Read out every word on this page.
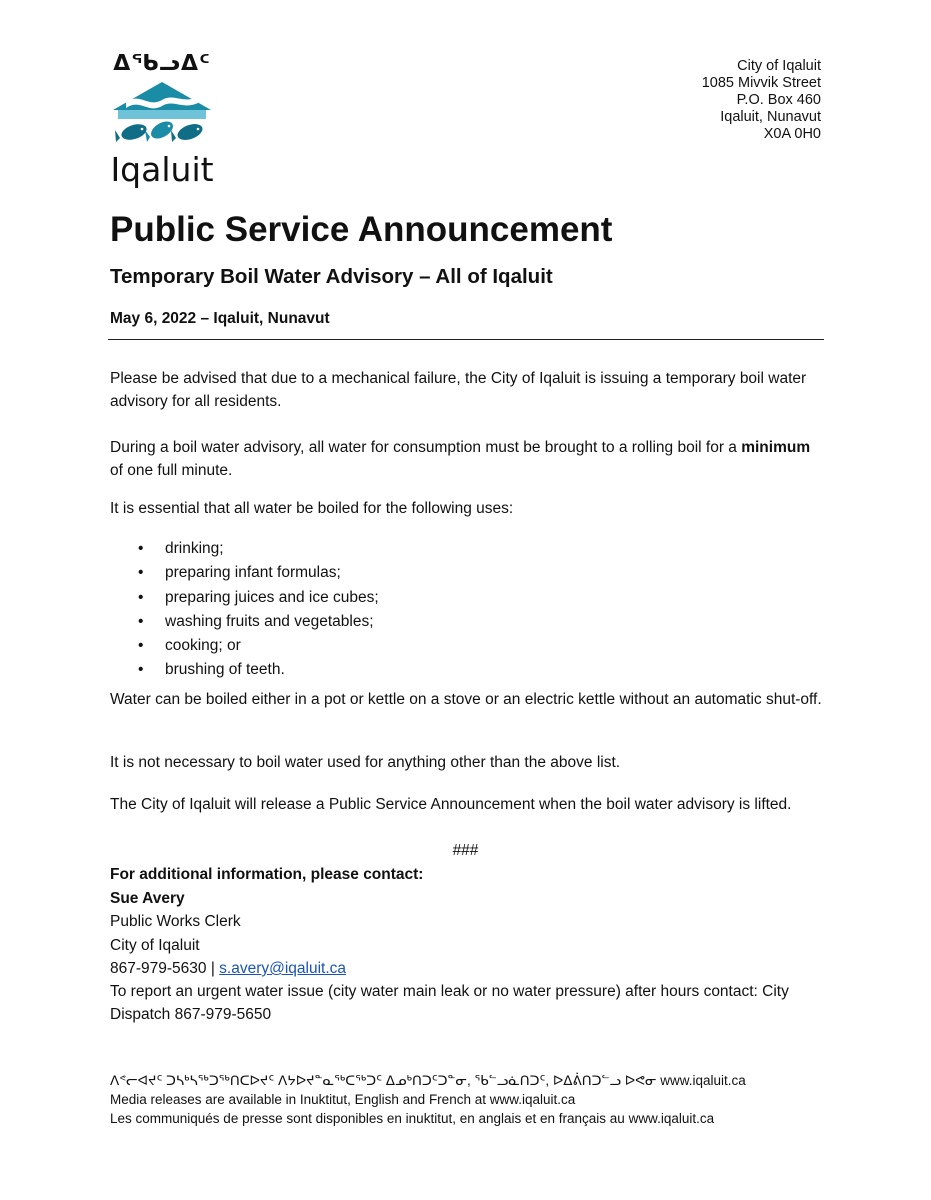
ᐃᖃᓗᐃᑦ
Iqaluit
City of Iqaluit
1085 Mivvik Street
P.O. Box 460
Iqaluit, Nunavut
X0A 0H0
Public Service Announcement
Temporary Boil Water Advisory – All of Iqaluit
May 6, 2022 – Iqaluit, Nunavut
Please be advised that due to a mechanical failure, the City of Iqaluit is issuing a temporary boil water advisory for all residents.
During a boil water advisory, all water for consumption must be brought to a rolling boil for a minimum of one full minute.
It is essential that all water be boiled for the following uses:
• drinking;
• preparing infant formulas;
• preparing juices and ice cubes;
• washing fruits and vegetables;
• cooking; or
• brushing of teeth.
Water can be boiled either in a pot or kettle on a stove or an electric kettle without an automatic shut-off.
It is not necessary to boil water used for anything other than the above list.
The City of Iqaluit will release a Public Service Announcement when the boil water advisory is lifted.
###
For additional information, please contact:
Sue Avery
Public Works Clerk
City of Iqaluit
867-979-5630 | s.avery@iqaluit.ca
To report an urgent water issue (city water main leak or no water pressure) after hours contact: City
Dispatch 867-979-5650
ᐱᕝᓕᐊᔪᑦ ᑐᓴᒃᓴᖅᑐᖅᑎᑕᐅᔪᑦ ᐱᔭᐅᔪᓐᓇᖅᑕᖅᑐᑦ ᐃᓄᒃᑎᑐᑦᑐᓐᓂ, ᖃᓪᓗᓈᑎᑐᑦ, ᐅᐃᕖᑎᑐᓪᓗ ᐅᕙᓂ www.iqaluit.ca
Media releases are available in Inuktitut, English and French at www.iqaluit.ca
Les communiqués de presse sont disponibles en inuktitut, en anglais et en français au www.iqaluit.ca
